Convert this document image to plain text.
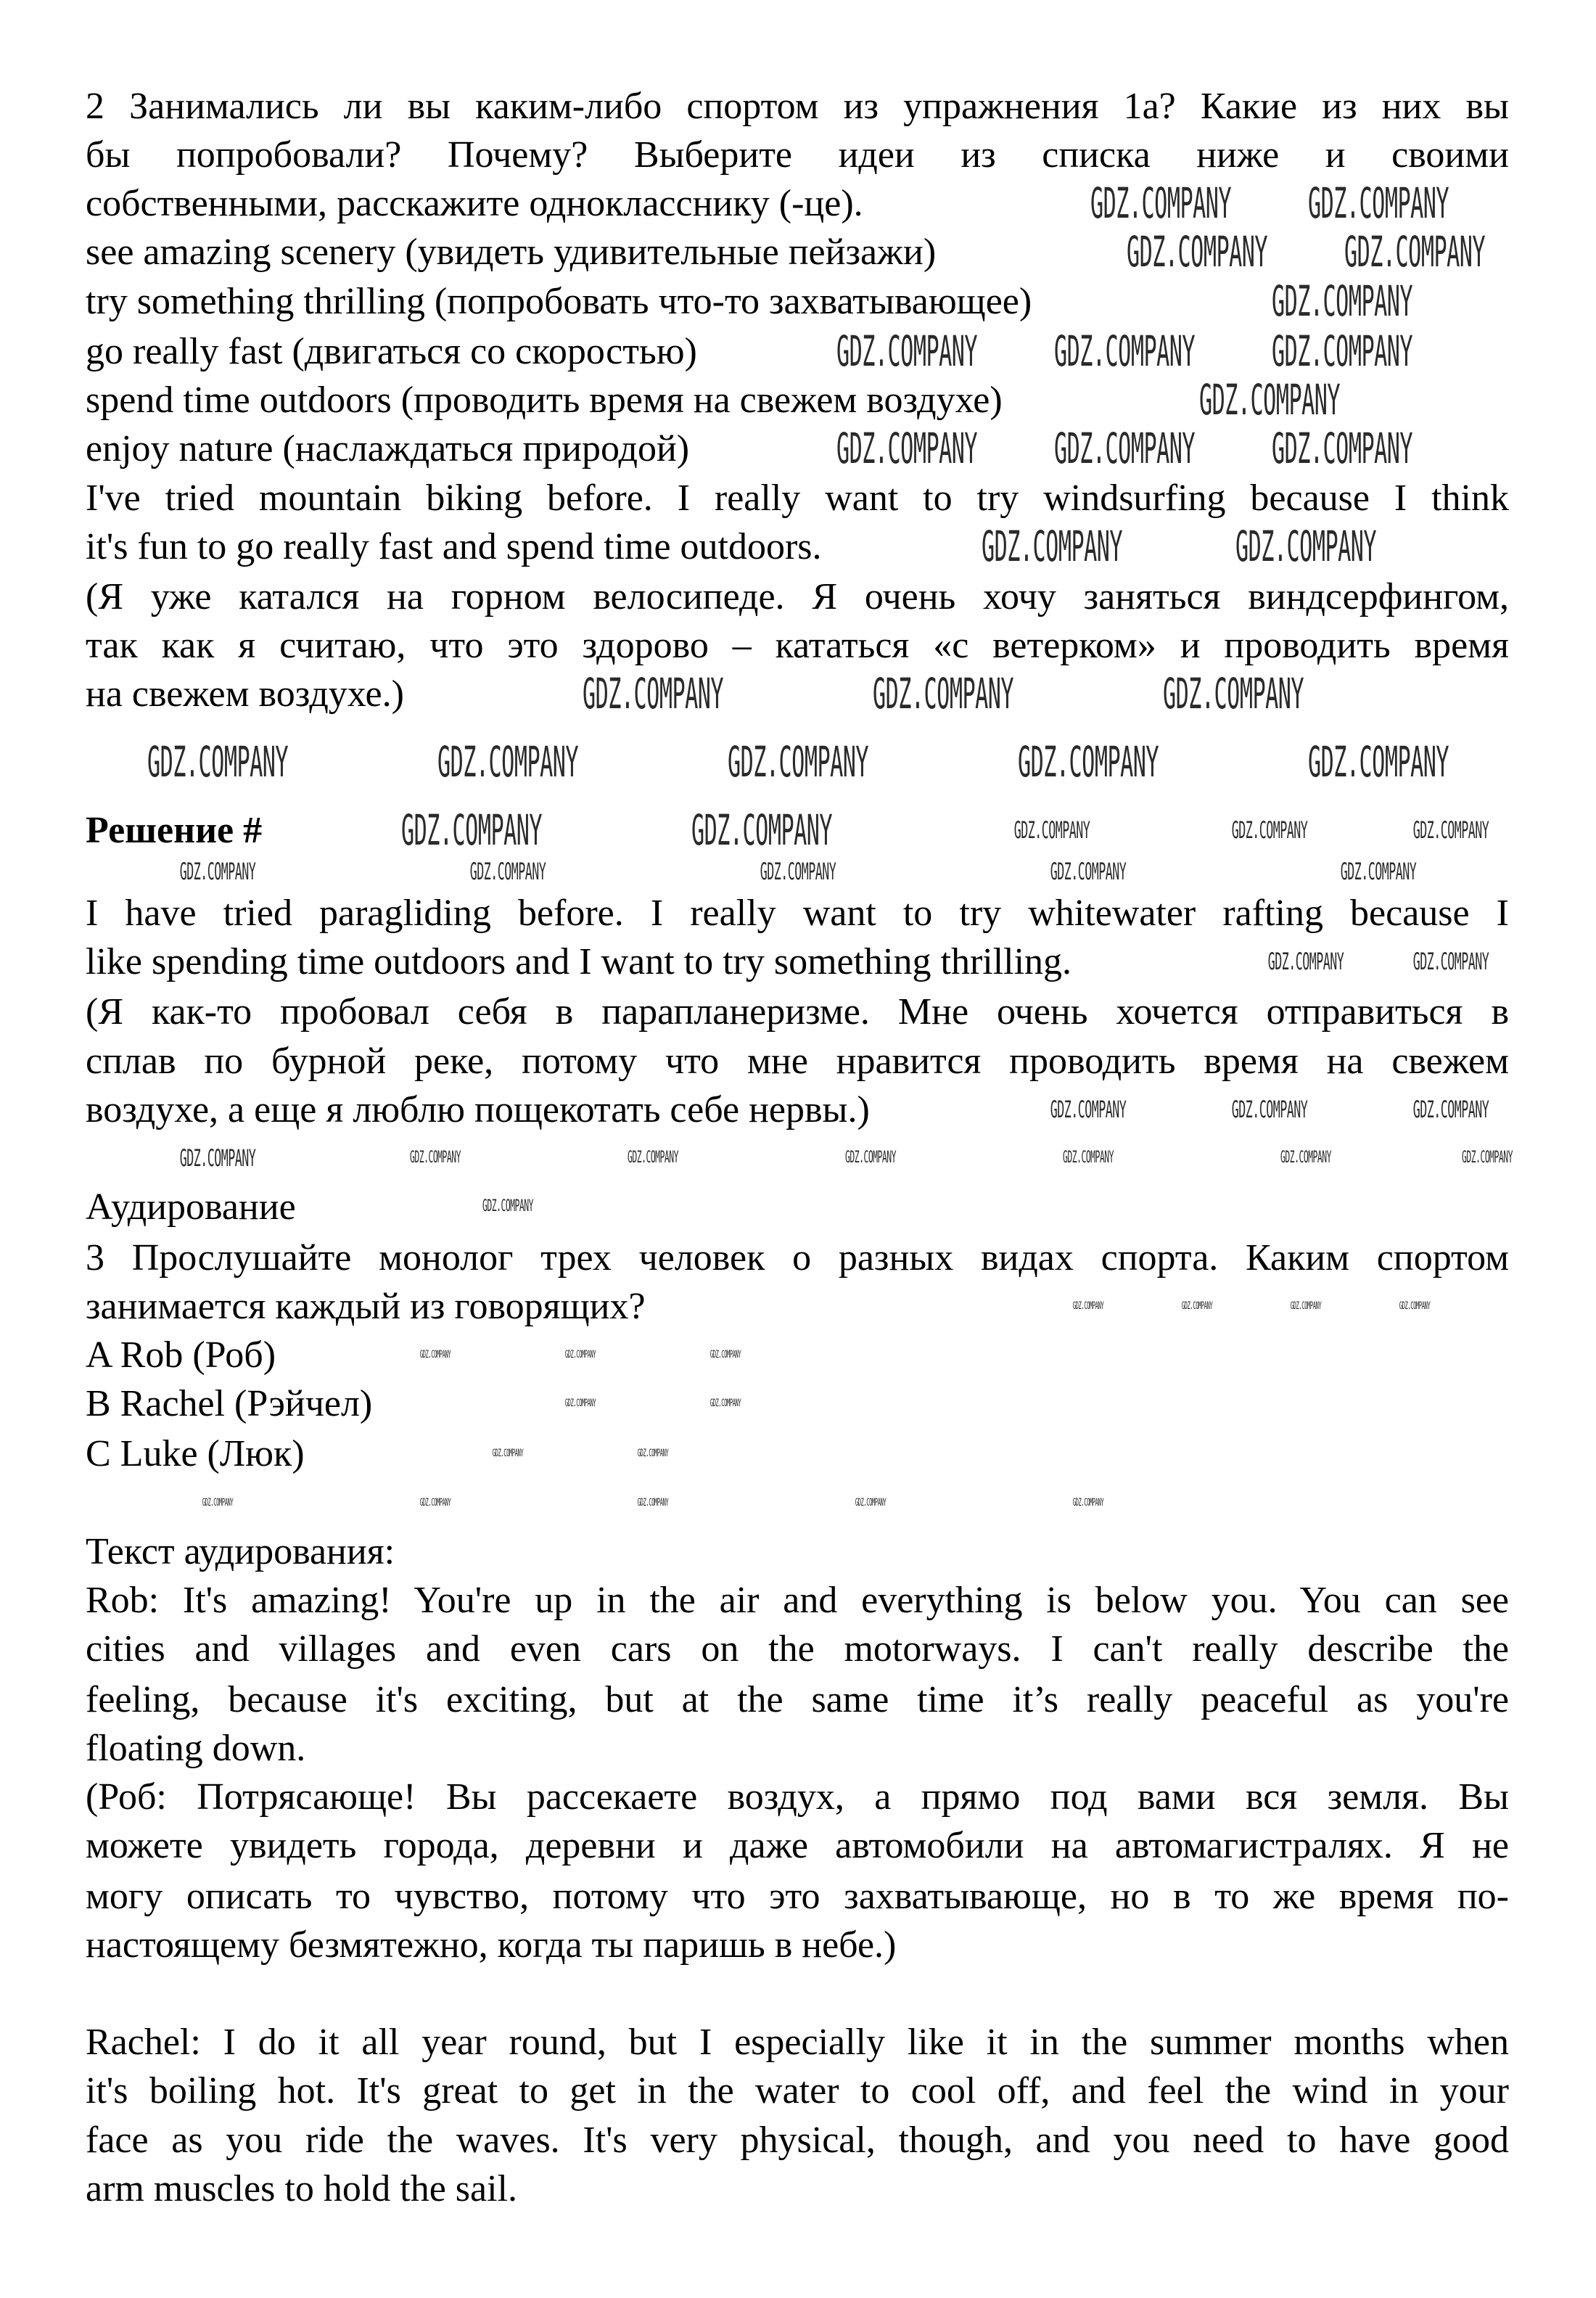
2 Занимались ли вы каким-либо спортом из упражнения 1а? Какие из них вы
бы попробовали? Почему? Выберите идеи из списка ниже и своими
собственными, расскажите однокласснику (-це).
see amazing scenery (увидеть удивительные пейзажи)
try something thrilling (попробовать что-то захватывающее)
go really fast (двигаться со скоростью)
spend time outdoors (проводить время на свежем воздухе)
enjoy nature (наслаждаться природой)
I've tried mountain biking before. I really want to try windsurfing because I think
it's fun to go really fast and spend time outdoors.
(Я уже катался на горном велосипеде. Я очень хочу заняться виндсерфингом,
так как я считаю, что это здорово – кататься «с ветерком» и проводить время
на свежем воздухе.)
Решение #
I have tried paragliding before. I really want to try whitewater rafting because I
like spending time outdoors and I want to try something thrilling.
(Я как-то пробовал себя в парапланеризме. Мне очень хочется отправиться в
сплав по бурной реке, потому что мне нравится проводить время на свежем
воздухе, а еще я люблю пощекотать себе нервы.)
Аудирование
3 Прослушайте монолог трех человек о разных видах спорта. Каким спортом
занимается каждый из говорящих?
A Rob (Роб)
B Rachel (Рэйчел)
C Luke (Люк)
Текст аудирования:
Rob: It's amazing! You're up in the air and everything is below you. You can see
cities and villages and even cars on the motorways. I can't really describe the
feeling, because it's exciting, but at the same time it’s really peaceful as you're
floating down.
(Роб: Потрясающе! Вы рассекаете воздух, а прямо под вами вся земля. Вы
можете увидеть города, деревни и даже автомобили на автомагистралях. Я не
могу описать то чувство, потому что это захватывающе, но в то же время по-
настоящему безмятежно, когда ты паришь в небе.)
Rachel: I do it all year round, but I especially like it in the summer months when
it's boiling hot. It's great to get in the water to cool off, and feel the wind in your
face as you ride the waves. It's very physical, though, and you need to have good
arm muscles to hold the sail.
GDZ.COMPANY GDZ.COMPANY
GDZ.COMPANY GDZ.COMPANY
GDZ.COMPANY
GDZ.COMPANY GDZ.COMPANY GDZ.COMPANY
GDZ.COMPANY
GDZ.COMPANY GDZ.COMPANY GDZ.COMPANY
GDZ.COMPANY	GDZ.COMPANY
GDZ.COMPANY	GDZ.COMPANY	GDZ.COMPANY
GDZ.COMPANY	GDZ.COMPANY	GDZ.COMPANY	GDZ.COMPANY	GDZ.COMPANY
GDZ.COMPANY	GDZ.COMPANY	GDZ.COMPANY	GDZ.COMPANY	GDZ.COMPANY
GDZ.COMPANY	GDZ.COMPANY	GDZ.COMPANY	GDZ.COMPANY	GDZ.COMPANY
GDZ.COMPANY	GDZ.COMPANY
GDZ.COMPANY	GDZ.COMPANY	GDZ.COMPANY
GDZ.COMPANY	GDZ.COMPANY	GDZ.COMPANY	GDZ.COMPANY	GDZ.COMPANY	GDZ.COMPANY	GDZ.COMPANY
GDZ.COMPANY
GDZ.COMPANY	GDZ.COMPANY	GDZ.COMPANY	GDZ.COMPANY
GDZ.COMPANY	GDZ.COMPANY	GDZ.COMPANY
GDZ.COMPANY	GDZ.COMPANY
GDZ.COMPANY	GDZ.COMPANY
GDZ.COMPANY	GDZ.COMPANY	GDZ.COMPANY	GDZ.COMPANY	GDZ.COMPANY
